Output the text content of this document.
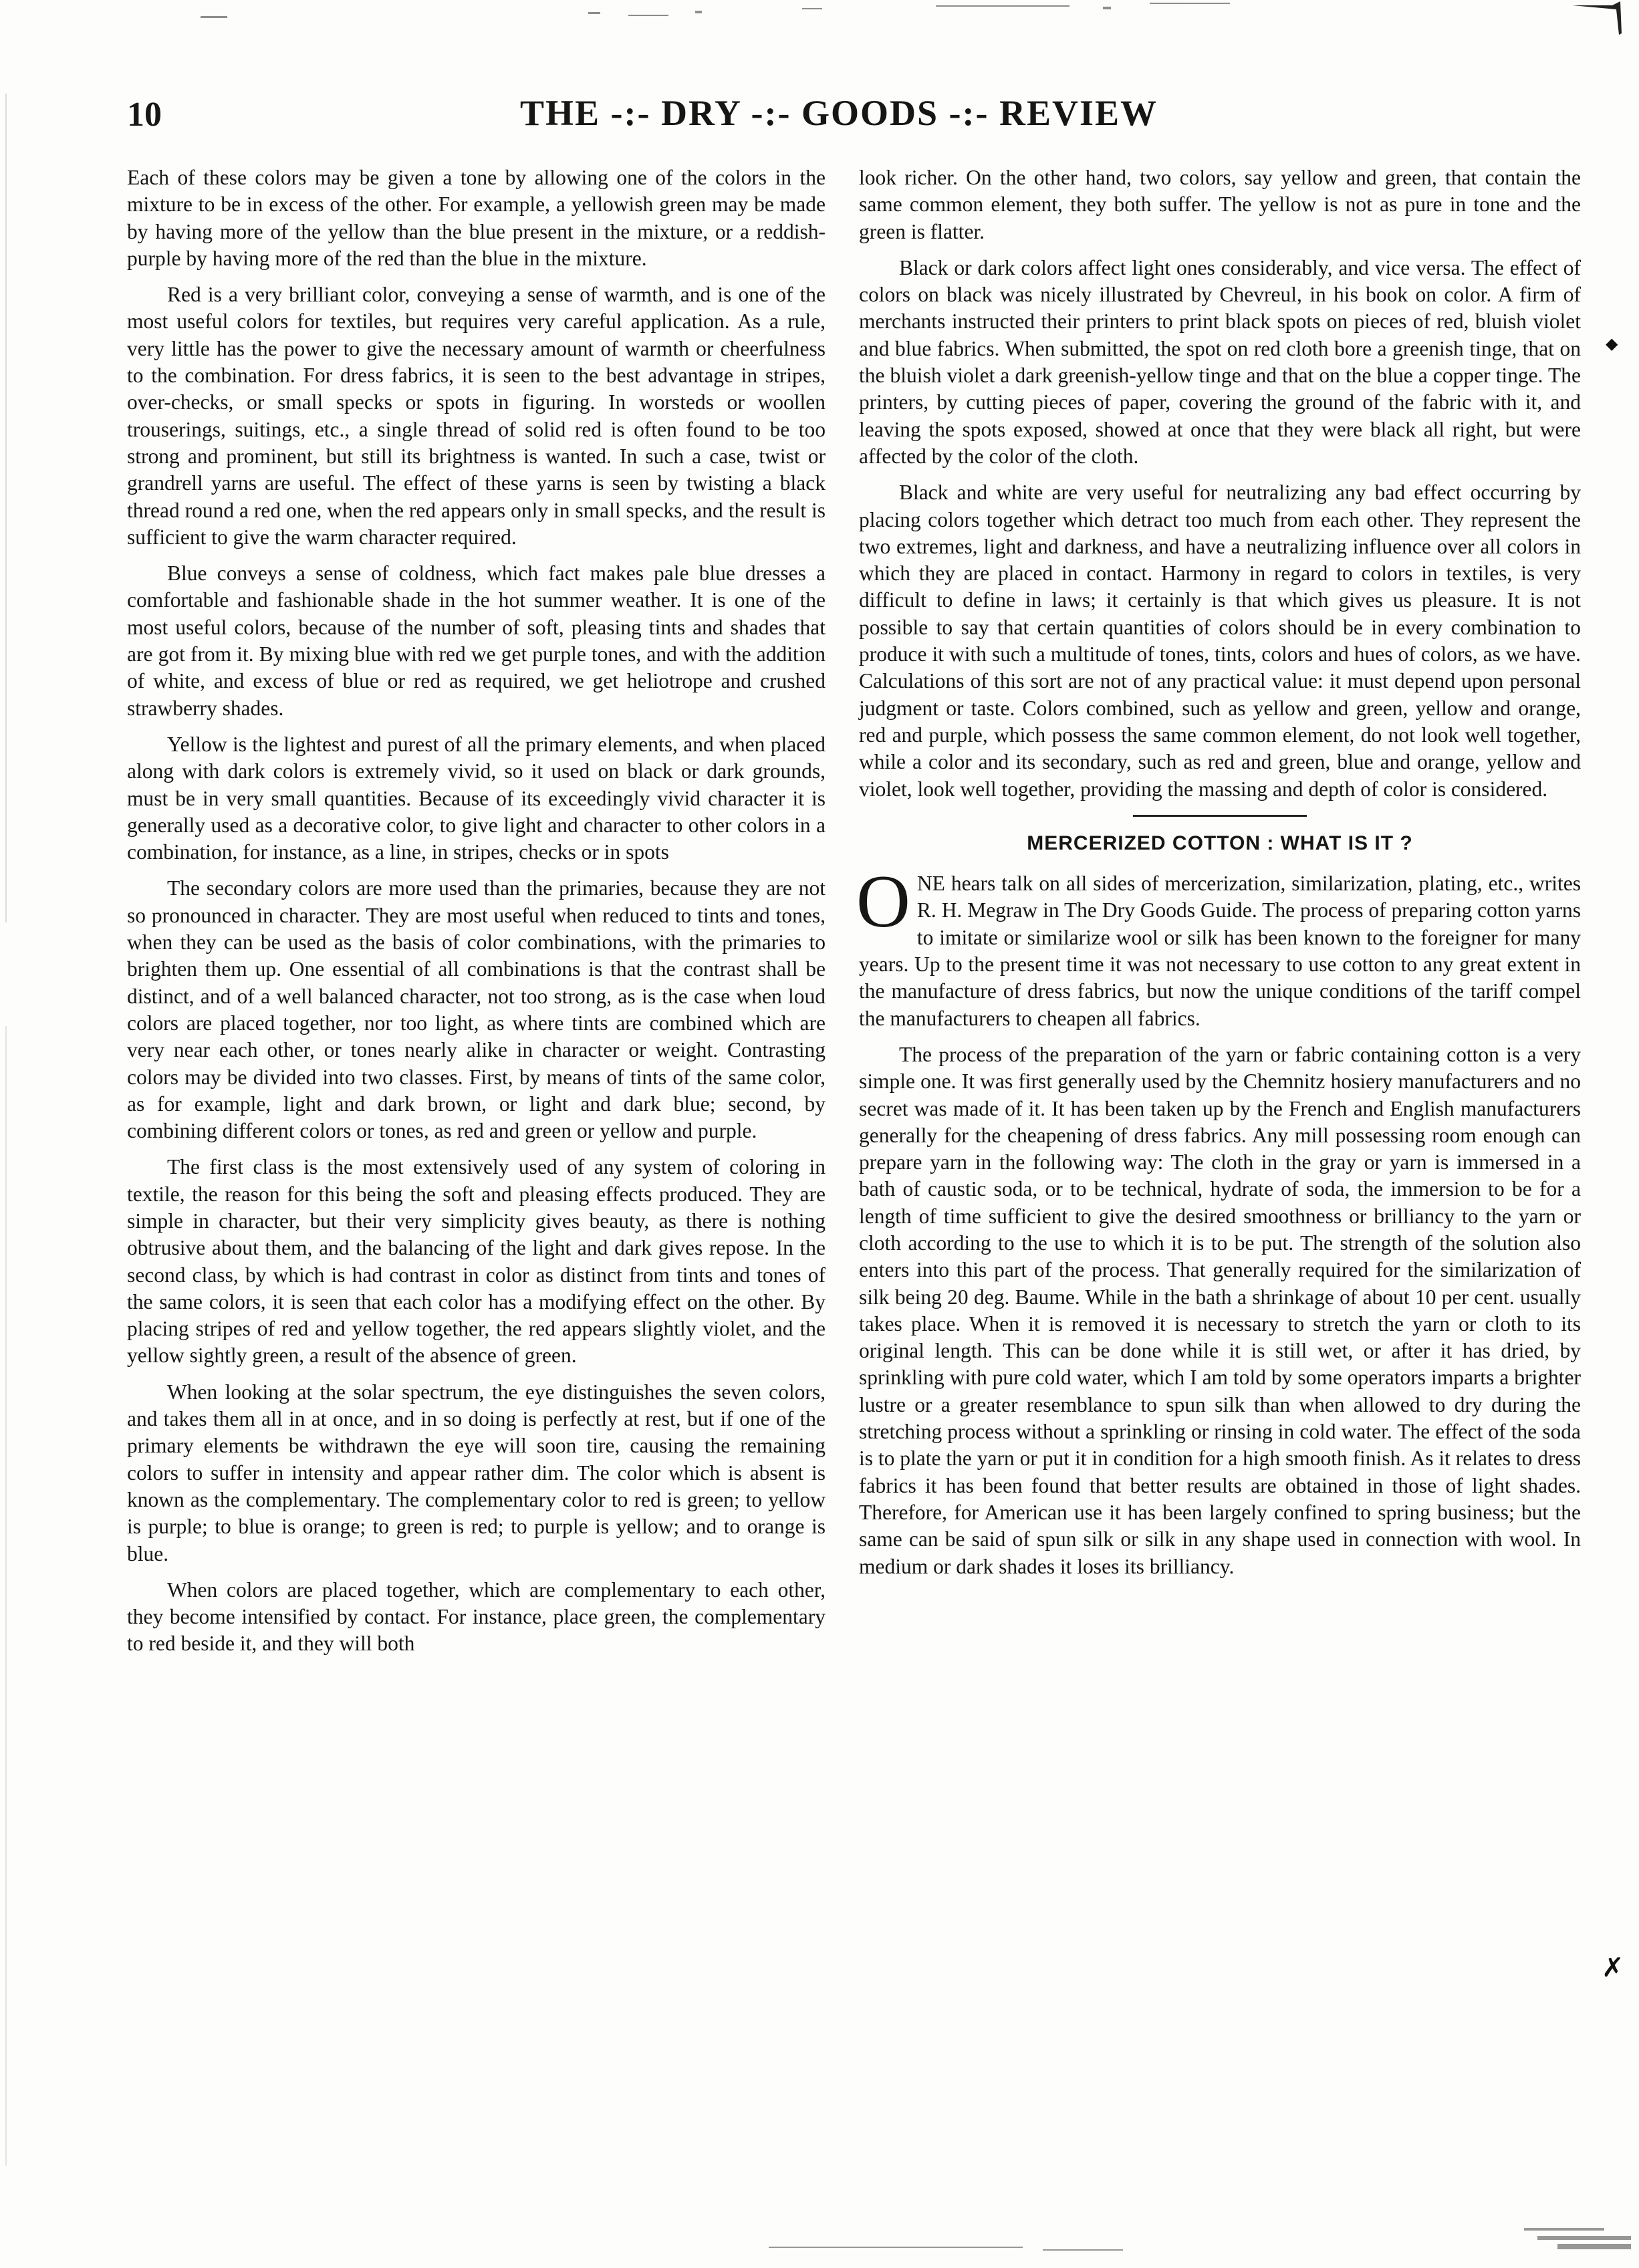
10	THE -:- DRY -:- GOODS -:- REVIEW

Each of these colors may be given a tone by allowing one of the colors in the mixture to be in excess of the other. For example, a yellowish green may be made by having more of the yellow than the blue present in the mixture, or a reddish-purple by having more of the red than the blue in the mixture.

Red is a very brilliant color, conveying a sense of warmth, and is one of the most useful colors for textiles, but requires very careful application. As a rule, very little has the power to give the necessary amount of warmth or cheerfulness to the combination. For dress fabrics, it is seen to the best advantage in stripes, over-checks, or small specks or spots in figuring. In worsteds or woollen trouserings, suitings, etc., a single thread of solid red is often found to be too strong and prominent, but still its brightness is wanted. In such a case, twist or grandrell yarns are useful. The effect of these yarns is seen by twisting a black thread round a red one, when the red appears only in small specks, and the result is sufficient to give the warm character required.

Blue conveys a sense of coldness, which fact makes pale blue dresses a comfortable and fashionable shade in the hot summer weather. It is one of the most useful colors, because of the number of soft, pleasing tints and shades that are got from it. By mixing blue with red we get purple tones, and with the addition of white, and excess of blue or red as required, we get heliotrope and crushed strawberry shades.

Yellow is the lightest and purest of all the primary elements, and when placed along with dark colors is extremely vivid, so it used on black or dark grounds, must be in very small quantities. Because of its exceedingly vivid character it is generally used as a decorative color, to give light and character to other colors in a combination, for instance, as a line, in stripes, checks or in spots

The secondary colors are more used than the primaries, because they are not so pronounced in character. They are most useful when reduced to tints and tones, when they can be used as the basis of color combinations, with the primaries to brighten them up. One essential of all combinations is that the contrast shall be distinct, and of a well balanced character, not too strong, as is the case when loud colors are placed together, nor too light, as where tints are combined which are very near each other, or tones nearly alike in character or weight. Contrasting colors may be divided into two classes. First, by means of tints of the same color, as for example, light and dark brown, or light and dark blue; second, by combining different colors or tones, as red and green or yellow and purple.

The first class is the most extensively used of any system of coloring in textile, the reason for this being the soft and pleasing effects produced. They are simple in character, but their very simplicity gives beauty, as there is nothing obtrusive about them, and the balancing of the light and dark gives repose. In the second class, by which is had contrast in color as distinct from tints and tones of the same colors, it is seen that each color has a modifying effect on the other. By placing stripes of red and yellow together, the red appears slightly violet, and the yellow sightly green, a result of the absence of green.

When looking at the solar spectrum, the eye distinguishes the seven colors, and takes them all in at once, and in so doing is perfectly at rest, but if one of the primary elements be withdrawn the eye will soon tire, causing the remaining colors to suffer in intensity and appear rather dim. The color which is absent is known as the complementary. The complementary color to red is green; to yellow is purple; to blue is orange; to green is red; to purple is yellow; and to orange is blue.

When colors are placed together, which are complementary to each other, they become intensified by contact. For instance, place green, the complementary to red beside it, and they will both

look richer. On the other hand, two colors, say yellow and green, that contain the same common element, they both suffer. The yellow is not as pure in tone and the green is flatter.

Black or dark colors affect light ones considerably, and vice versa. The effect of colors on black was nicely illustrated by Chevreul, in his book on color. A firm of merchants instructed their printers to print black spots on pieces of red, bluish violet and blue fabrics. When submitted, the spot on red cloth bore a greenish tinge, that on the bluish violet a dark greenish-yellow tinge and that on the blue a copper tinge. The printers, by cutting pieces of paper, covering the ground of the fabric with it, and leaving the spots exposed, showed at once that they were black all right, but were affected by the color of the cloth.

Black and white are very useful for neutralizing any bad effect occurring by placing colors together which detract too much from each other. They represent the two extremes, light and darkness, and have a neutralizing influence over all colors in which they are placed in contact. Harmony in regard to colors in textiles, is very difficult to define in laws; it certainly is that which gives us pleasure. It is not possible to say that certain quantities of colors should be in every combination to produce it with such a multitude of tones, tints, colors and hues of colors, as we have. Calculations of this sort are not of any practical value: it must depend upon personal judgment or taste. Colors combined, such as yellow and green, yellow and orange, red and purple, which possess the same common element, do not look well together, while a color and its secondary, such as red and green, blue and orange, yellow and violet, look well together, providing the massing and depth of color is considered.

MERCERIZED COTTON : WHAT IS IT ?

ONE hears talk on all sides of mercerization, similarization, plating, etc., writes R. H. Megraw in The Dry Goods Guide. The process of preparing cotton yarns to imitate or similarize wool or silk has been known to the foreigner for many years. Up to the present time it was not necessary to use cotton to any great extent in the manufacture of dress fabrics, but now the unique conditions of the tariff compel the manufacturers to cheapen all fabrics.

The process of the preparation of the yarn or fabric containing cotton is a very simple one. It was first generally used by the Chemnitz hosiery manufacturers and no secret was made of it. It has been taken up by the French and English manufacturers generally for the cheapening of dress fabrics. Any mill possessing room enough can prepare yarn in the following way: The cloth in the gray or yarn is immersed in a bath of caustic soda, or to be technical, hydrate of soda, the immersion to be for a length of time sufficient to give the desired smoothness or brilliancy to the yarn or cloth according to the use to which it is to be put. The strength of the solution also enters into this part of the process. That generally required for the similarization of silk being 20 deg. Baume. While in the bath a shrinkage of about 10 per cent. usually takes place. When it is removed it is necessary to stretch the yarn or cloth to its original length. This can be done while it is still wet, or after it has dried, by sprinkling with pure cold water, which I am told by some operators imparts a brighter lustre or a greater resemblance to spun silk than when allowed to dry during the stretching process without a sprinkling or rinsing in cold water. The effect of the soda is to plate the yarn or put it in condition for a high smooth finish. As it relates to dress fabrics it has been found that better results are obtained in those of light shades. Therefore, for American use it has been largely confined to spring business; but the same can be said of spun silk or silk in any shape used in connection with wool. In medium or dark shades it loses its brilliancy.

◆
✗
